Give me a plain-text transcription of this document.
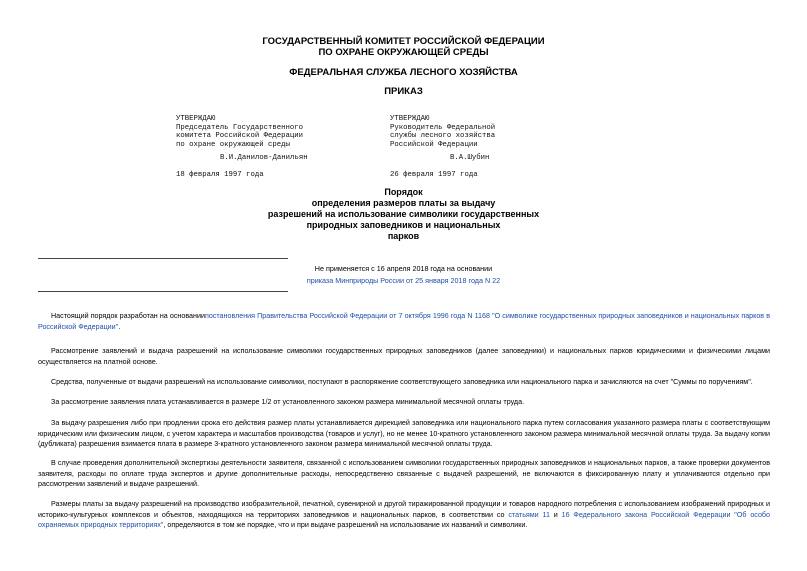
ГОСУДАРСТВЕННЫЙ КОМИТЕТ РОССИЙСКОЙ ФЕДЕРАЦИИ
ПО ОХРАНЕ ОКРУЖАЮЩЕЙ СРЕДЫ
ФЕДЕРАЛЬНАЯ СЛУЖБА ЛЕСНОГО ХОЗЯЙСТВА
ПРИКАЗ
УТВЕРЖДАЮ
Председатель Государственного
комитета Российской Федерации
по охране окружающей среды
В.И.Данилов-Данильян
18 февраля 1997 года
УТВЕРЖДАЮ
Руководитель Федеральной
службы лесного хозяйства
Российской Федерации
В.А.Шубин
26 февраля 1997 года
Порядок
определения размеров платы за выдачу
разрешений на использование символики государственных
природных заповедников и национальных
парков
Не применяется с 16 апреля 2018 года на основании
приказа Минприроды России от 25 января 2018 года N 22
Настоящий порядок разработан на основаниипостановления Правительства Российской Федерации от 7 октября 1996 года N 1168 "О символике государственных природных заповедников и национальных парков в Российской Федерации".
Рассмотрение заявлений и выдача разрешений на использование символики государственных природных заповедников (далее заповедники) и национальных парков юридическими и физическими лицами осуществляется на платной основе.
Средства, полученные от выдачи разрешений на использование символики, поступают в распоряжение соответствующего заповедника или национального парка и зачисляются на счет "Суммы по поручениям".
За рассмотрение заявления плата устанавливается в размере 1/2 от установленного законом размера минимальной месячной оплаты труда.
За выдачу разрешения либо при продлении срока его действия размер платы устанавливается дирекцией заповедника или национального парка путем согласования указанного размера платы с соответствующим юридическим или физическим лицом, с учетом характера и масштабов производства (товаров и услуг), но не менее 10-кратного установленного законом размера минимальной месячной оплаты труда. За выдачу копии (дубликата) разрешения взимается плата в размере 3-кратного установленного законом размера минимальной месячной оплаты труда.
В случае проведения дополнительной экспертизы деятельности заявителя, связанной с использованием символики государственных природных заповедников и национальных парков, а также проверки документов заявителя, расходы по оплате труда экспертов и другие дополнительные расходы, непосредственно связанные с выдачей разрешений, не включаются в фиксированную плату и уплачиваются отдельно при рассмотрении заявлений и выдаче разрешений.
Размеры платы за выдачу разрешений на производство изобразительной, печатной, сувенирной и другой тиражированной продукции и товаров народного потребления с использованием изображений природных и историко-культурных комплексов и объектов, находящихся на территориях заповедников и национальных парков, в соответствии со статьями 11 и 16 Федерального закона Российской Федерации "Об особо охраняемых природных территориях", определяются в том же порядке, что и при выдаче разрешений на использование их названий и символики.
